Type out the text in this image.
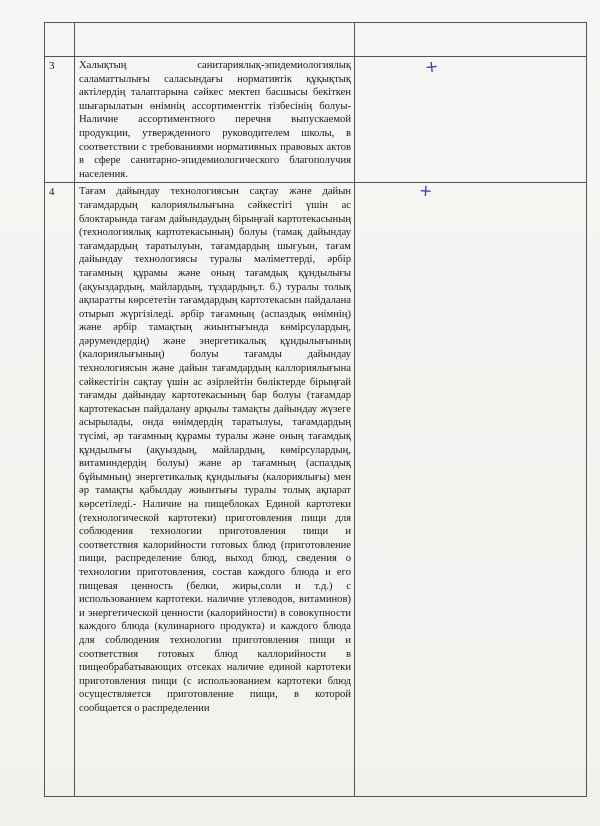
3	Халықтың санитариялық-эпидемиологиялық саламаттылығы саласындағы нормативтік құқықтық актілердің талаптарына сәйкес мектеп басшысы бекіткен шығарылатын өнімнің ассортименттік тізбесінің болуы-Наличие ассортиментного перечня выпускаемой продукции, утвержденного руководителем школы, в соответствии с требованиями нормативных правовых актов в сфере санитарно-эпидемиологического благополучия населения.	+

4	Тағам дайындау технологиясын сақтау және дайын тағамдардың калориялылығына сәйкестігі үшін ас блоктарында тағам дайындаудың бірыңғай картотекасының (технологиялық картотекасының) болуы (тамақ дайындау тағамдардың таратылуын, тағамдардың шығуын, тағам дайындау технологиясы туралы мәліметтерді, әрбір тағамның құрамы және оның тағамдық құндылығы (ақуыздардың, майлардың, тұздардың,т. б.) туралы толық ақпаратты көрсететін тағамдардың картотекасын пайдалана отырып жүргізіледі. әрбір тағамның (аспаздық өнімнің) және әрбір тамақтың жиынтығында көмірсулардың, дәрумендердің) және энергетикалық құндылығының (калориялығының) болуы тағамды дайындау технологиясын және дайын тағамдардың каллориялығына сәйкестігін сақтау үшін ас әзірлейтін бөліктерде бірыңғай тағамды дайындау картотекасының бар болуы (тағамдар картотекасын пайдалану арқылы тамақты дайындау жүзеге асырылады, онда өнімдердің таратылуы, тағамдардың түсімі, әр тағамның құрамы туралы және оның тағамдық құндылығы (ақуыздың, майлардың, көмірсулардың, витаминдердің болуы) және әр тағамның (аспаздық бұйымның) энергетикалық құндылығы (калориялығы) мен әр тамақты қабылдау жиынтығы туралы толық ақпарат көрсетіледі.- Наличие на пищеблоках Единой картотеки (технологической картотеки) приготовления пищи для соблюдения технологии приготовления пищи и соответствия калорийности готовых блюд (приготовление пищи, распределение блюд, выход блюд, сведения о технологии приготовления, состав каждого блюда и его пищевая ценность (белки, жиры,соли и т.д.) с использованием картотеки. наличие углеводов, витаминов) и энергетической ценности (калорийности) в совокупности каждого блюда (кулинарного продукта) и каждого блюда для соблюдения технологии приготовления пищи и соответствия готовых блюд каллорийности в пищеобрабатывающих отсеках наличие единой картотеки приготовления пищи (с использованием картотеки блюд осуществляется приготовление пищи, в которой сообщается о распределении	+
